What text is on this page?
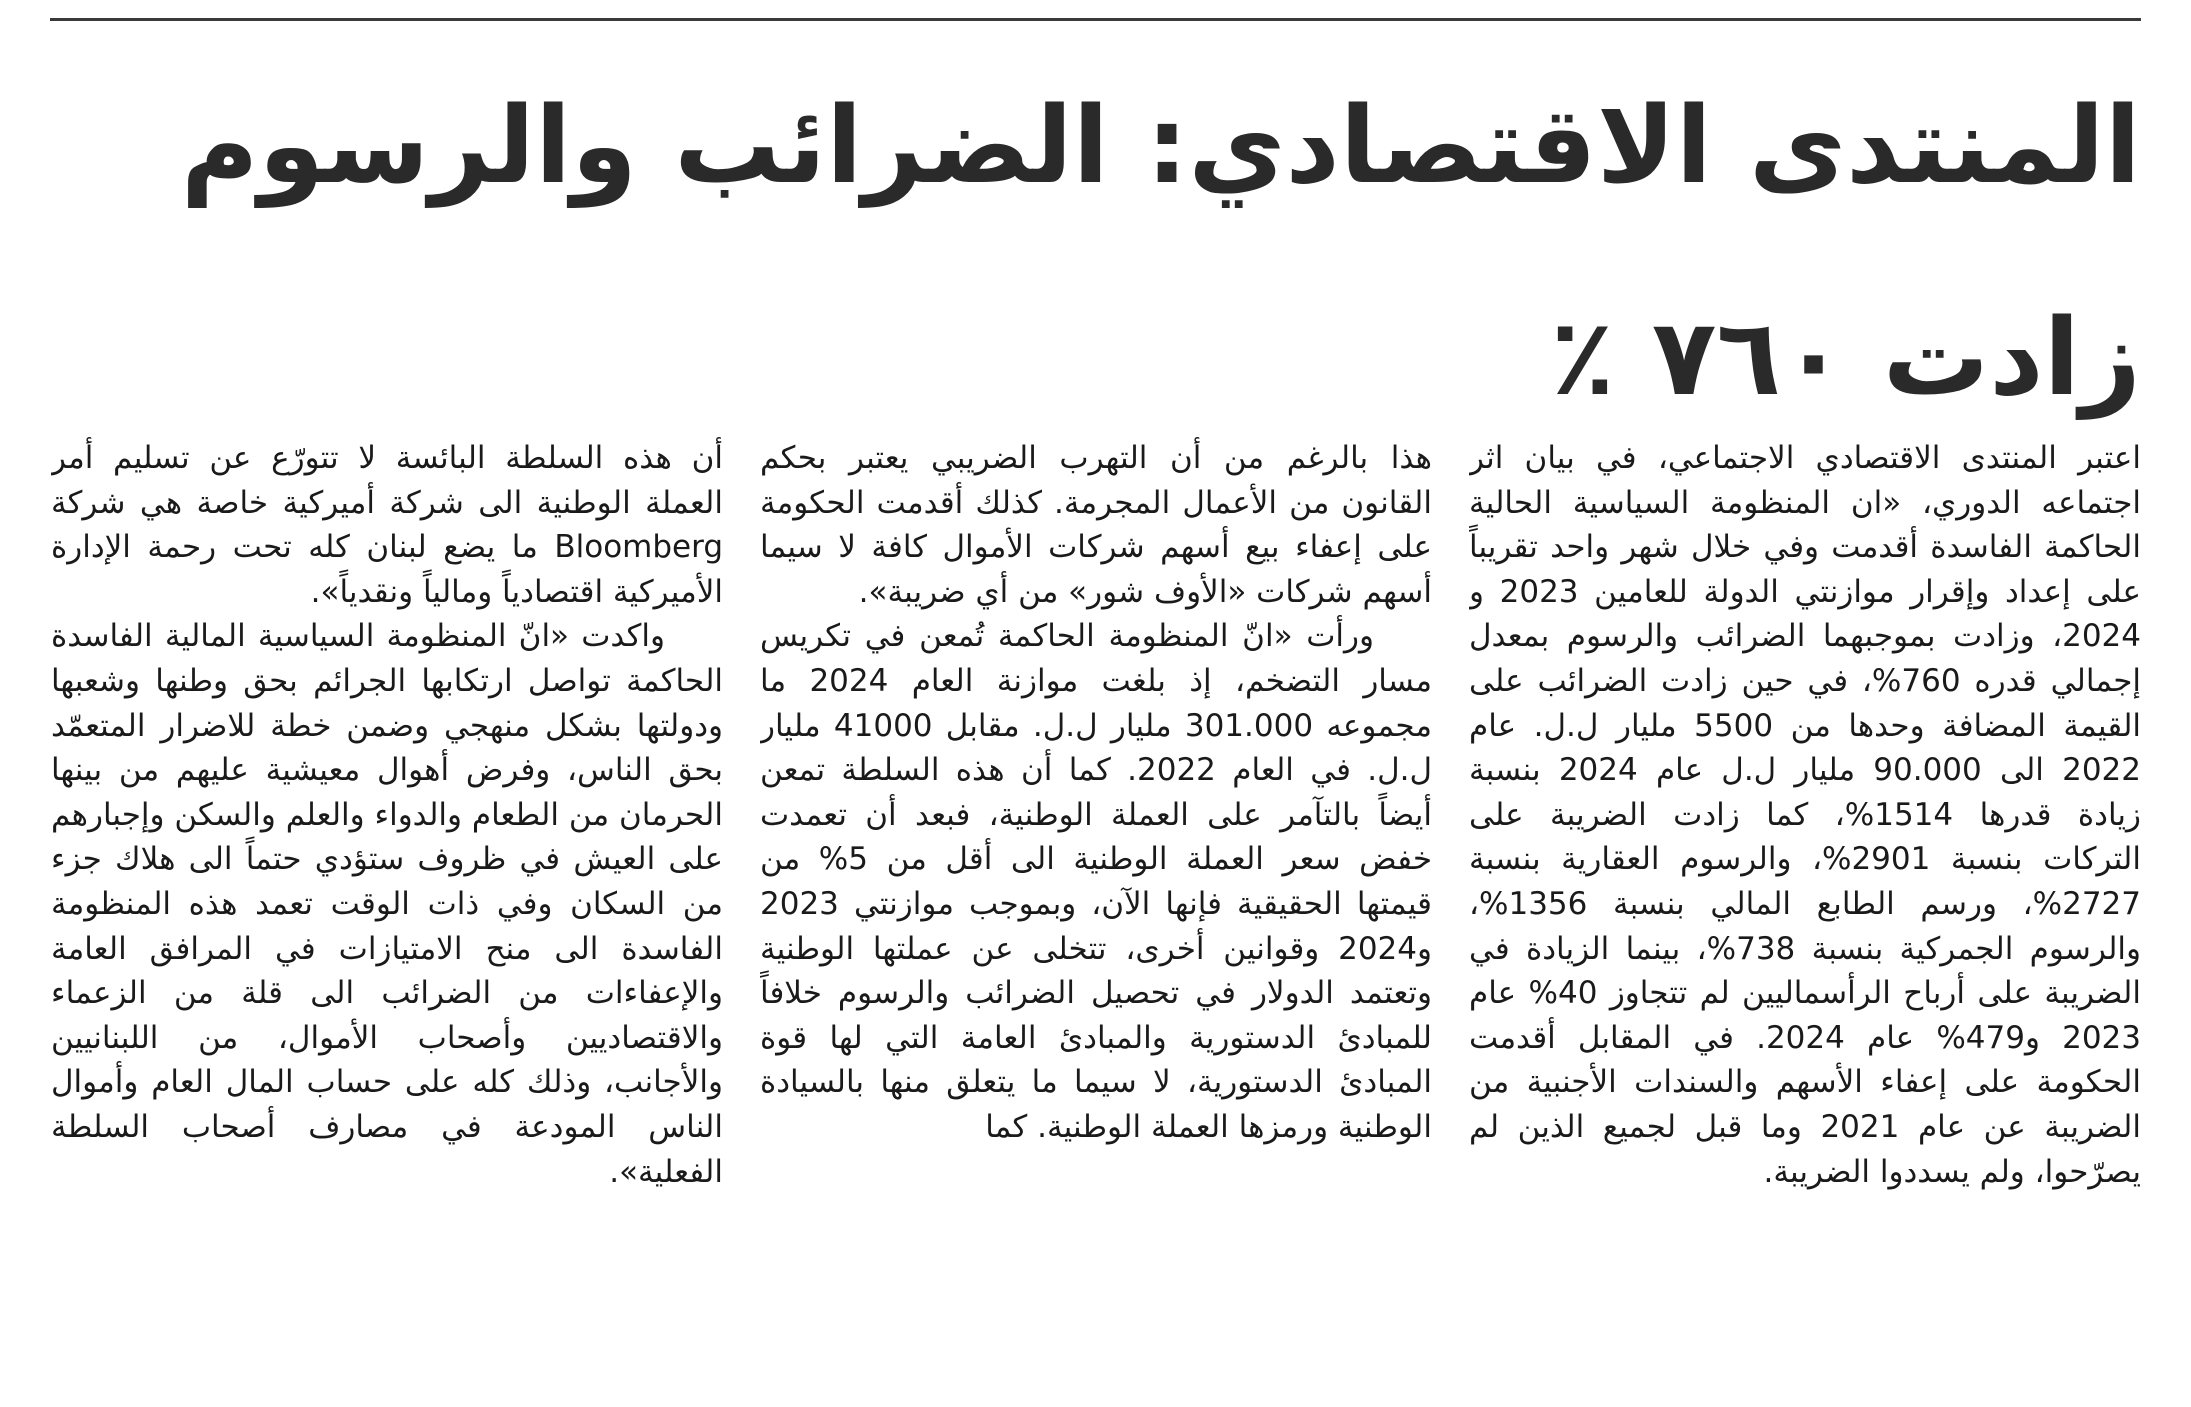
المنتدى الاقتصادي: الضرائب والرسوم زادت ٧٦٠ ٪

اعتبر المنتدى الاقتصادي الاجتماعي، في بيان اثر اجتماعه الدوري، «ان المنظومة السياسية الحالية الحاكمة الفاسدة أقدمت وفي خلال شهر واحد تقريباً على إعداد وإقرار موازنتي الدولة للعامين 2023 و 2024، وزادت بموجبهما الضرائب والرسوم بمعدل إجمالي قدره 760%، في حين زادت الضرائب على القيمة المضافة وحدها من 5500 مليار ل.ل. عام 2022 الى 90.000 مليار ل.ل عام 2024 بنسبة زيادة قدرها 1514%، كما زادت الضريبة على التركات بنسبة 2901%، والرسوم العقارية بنسبة 2727%، ورسم الطابع المالي بنسبة 1356%، والرسوم الجمركية بنسبة 738%، بينما الزيادة في الضريبة على أرباح الرأسماليين لم تتجاوز 40% عام 2023 و479% عام 2024. في المقابل أقدمت الحكومة على إعفاء الأسهم والسندات الأجنبية من الضريبة عن عام 2021 وما قبل لجميع الذين لم يصرّحوا، ولم يسددوا الضريبة.

هذا بالرغم من أن التهرب الضريبي يعتبر بحكم القانون من الأعمال المجرمة. كذلك أقدمت الحكومة على إعفاء بيع أسهم شركات الأموال كافة لا سيما أسهم شركات «الأوف شور» من أي ضريبة».

ورأت «انّ المنظومة الحاكمة تُمعن في تكريس مسار التضخم، إذ بلغت موازنة العام 2024 ما مجموعه 301.000 مليار ل.ل. مقابل 41000 مليار ل.ل. في العام 2022. كما أن هذه السلطة تمعن أيضاً بالتآمر على العملة الوطنية، فبعد أن تعمدت خفض سعر العملة الوطنية الى أقل من 5% من قيمتها الحقيقية فإنها الآن، وبموجب موازنتي 2023 و2024 وقوانين أخرى، تتخلى عن عملتها الوطنية وتعتمد الدولار في تحصيل الضرائب والرسوم خلافاً للمبادئ الدستورية والمبادئ العامة التي لها قوة المبادئ الدستورية، لا سيما ما يتعلق منها بالسيادة الوطنية ورمزها العملة الوطنية. كما

أن هذه السلطة البائسة لا تتورّع عن تسليم أمر العملة الوطنية الى شركة أميركية خاصة هي شركة Bloomberg ما يضع لبنان كله تحت رحمة الإدارة الأميركية اقتصادياً ومالياً ونقدياً».

واكدت «انّ المنظومة السياسية المالية الفاسدة الحاكمة تواصل ارتكابها الجرائم بحق وطنها وشعبها ودولتها بشكل منهجي وضمن خطة للاضرار المتعمّد بحق الناس، وفرض أهوال معيشية عليهم من بينها الحرمان من الطعام والدواء والعلم والسكن وإجبارهم على العيش في ظروف ستؤدي حتماً الى هلاك جزء من السكان وفي ذات الوقت تعمد هذه المنظومة الفاسدة الى منح الامتيازات في المرافق العامة والإعفاءات من الضرائب الى قلة من الزعماء والاقتصاديين وأصحاب الأموال، من اللبنانيين والأجانب، وذلك كله على حساب المال العام وأموال الناس المودعة في مصارف أصحاب السلطة الفعلية».
